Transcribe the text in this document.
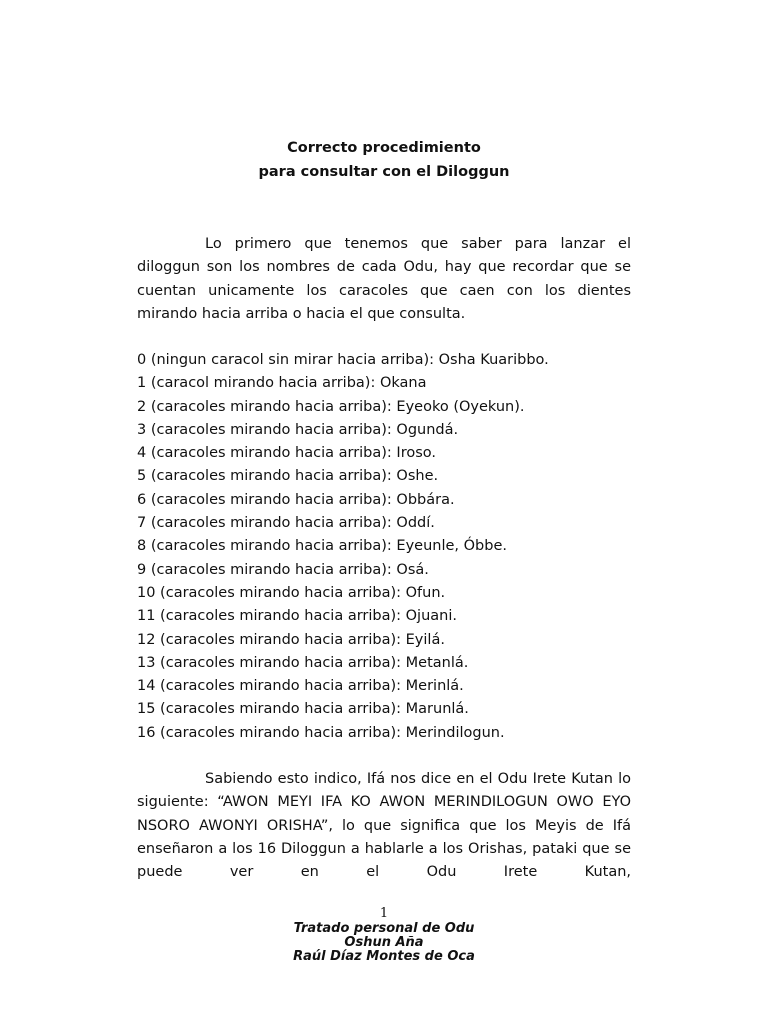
Correcto procedimiento
para consultar con el Diloggun

Lo primero que tenemos que saber para lanzar el diloggun son los nombres de cada Odu, hay que recordar que se cuentan unicamente los caracoles que caen con los dientes mirando hacia arriba o hacia el que consulta.

0 (ningun caracol sin mirar hacia arriba): Osha Kuaribbo.
1 (caracol mirando hacia arriba): Okana
2 (caracoles mirando hacia arriba): Eyeoko (Oyekun).
3 (caracoles mirando hacia arriba): Ogundá.
4 (caracoles mirando hacia arriba): Iroso.
5 (caracoles mirando hacia arriba): Oshe.
6 (caracoles mirando hacia arriba): Obbára.
7 (caracoles mirando hacia arriba): Oddí.
8 (caracoles mirando hacia arriba): Eyeunle, Óbbe.
9 (caracoles mirando hacia arriba): Osá.
10 (caracoles mirando hacia arriba): Ofun.
11 (caracoles mirando hacia arriba): Ojuani.
12 (caracoles mirando hacia arriba): Eyilá.
13 (caracoles mirando hacia arriba): Metanlá.
14 (caracoles mirando hacia arriba): Merinlá.
15 (caracoles mirando hacia arriba): Marunlá.
16 (caracoles mirando hacia arriba): Merindilogun.

Sabiendo esto indico, Ifá nos dice en el Odu Irete Kutan lo siguiente: “AWON MEYI IFA KO AWON MERINDILOGUN OWO EYO NSORO AWONYI ORISHA”, lo que significa que los Meyis de Ifá enseñaron a los 16 Diloggun a hablarle a los Orishas, pataki que se puede ver en el Odu Irete Kutan,

1
Tratado personal de Odu
Oshun Aña
Raúl Díaz Montes de Oca
